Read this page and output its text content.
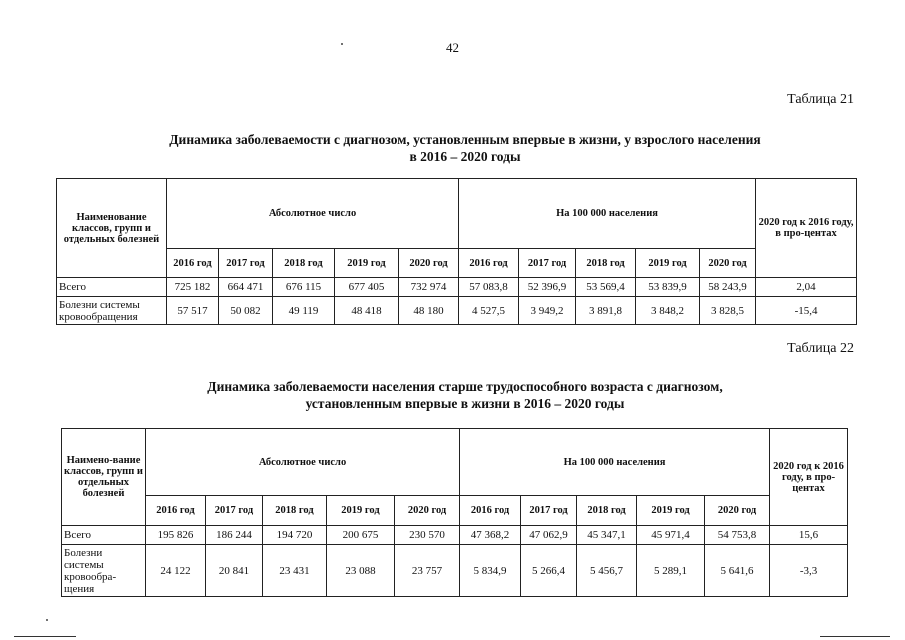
42
Таблица 21
Динамика заболеваемости с диагнозом, установленным впервые в жизни, у взрослого населения
в 2016 – 2020 годы
Наименование классов, групп и отдельных болезней	Абсолютное число					На 100 000 населения					2020 год к 2016 году, в про-центах
	2016 год	2017 год	2018 год	2019 год	2020 год	2016 год	2017 год	2018 год	2019 год	2020 год	
Всего	725 182	664 471	676 115	677 405	732 974	57 083,8	52 396,9	53 569,4	53 839,9	58 243,9	2,04
Болезни системы кровообращения	57 517	50 082	49 119	48 418	48 180	4 527,5	3 949,2	3 891,8	3 848,2	3 828,5	-15,4
Таблица 22
Динамика заболеваемости населения старше трудоспособного возраста с диагнозом,
установленным впервые в жизни в 2016 – 2020 годы
Наимено-вание классов, групп и отдельных болезней	Абсолютное число					На 100 000 населения					2020 год к 2016 году, в про-центах
	2016 год	2017 год	2018 год	2019 год	2020 год	2016 год	2017 год	2018 год	2019 год	2020 год	
Всего	195 826	186 244	194 720	200 675	230 570	47 368,2	47 062,9	45 347,1	45 971,4	54 753,8	15,6
Болезни системы кровообра-щения	24 122	20 841	23 431	23 088	23 757	5 834,9	5 266,4	5 456,7	5 289,1	5 641,6	-3,3
